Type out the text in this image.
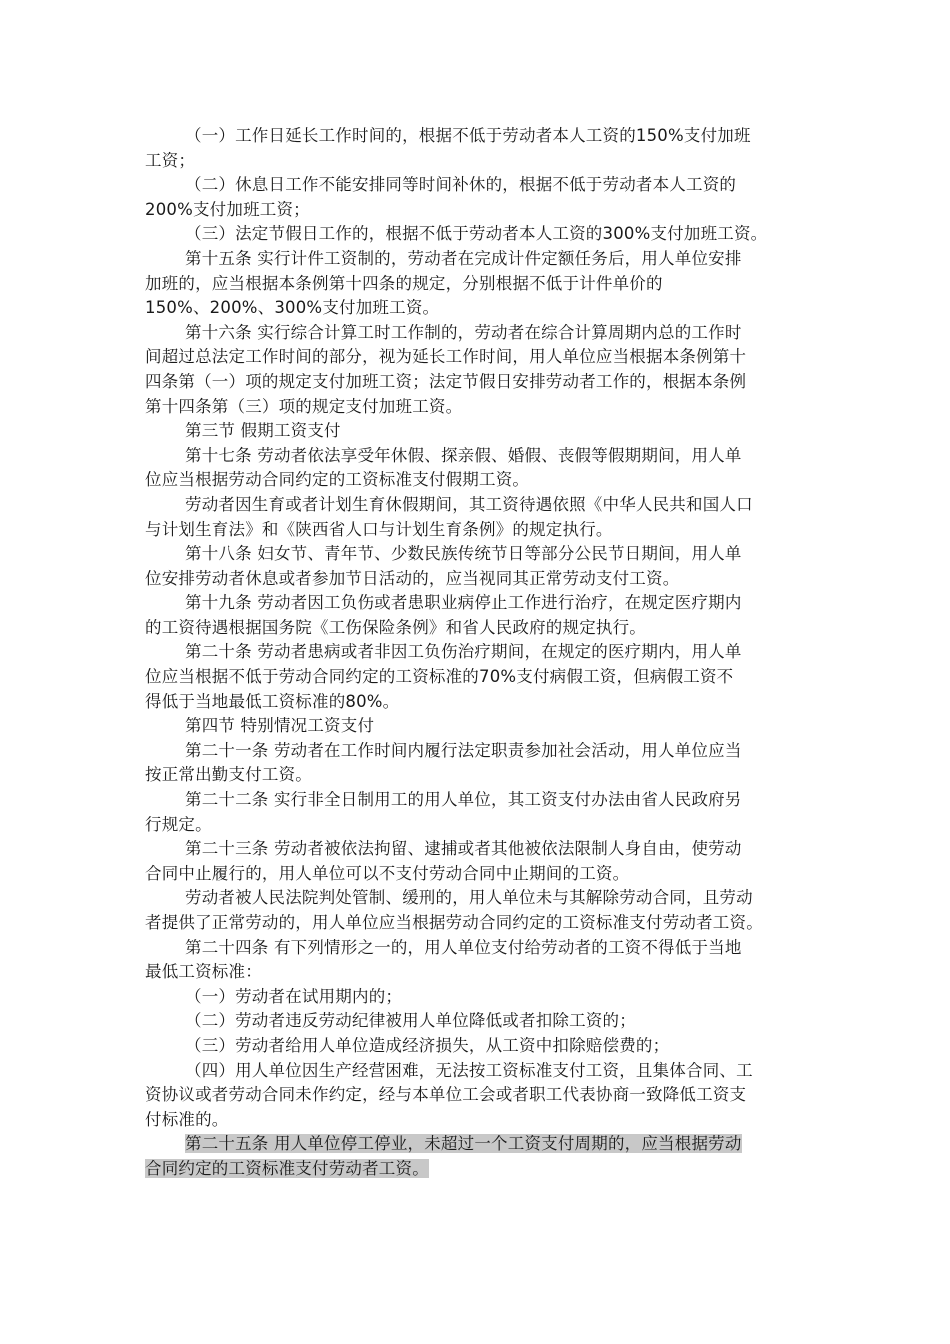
（一）工作日延长工作时间的，根据不低于劳动者本人工资的150%支付加班
工资；
（二）休息日工作不能安排同等时间补休的，根据不低于劳动者本人工资的
200%支付加班工资；
（三）法定节假日工作的，根据不低于劳动者本人工资的300%支付加班工资。
第十五条 实行计件工资制的，劳动者在完成计件定额任务后，用人单位安排
加班的，应当根据本条例第十四条的规定，分别根据不低于计件单价的
150%、200%、300%支付加班工资。
第十六条 实行综合计算工时工作制的，劳动者在综合计算周期内总的工作时
间超过总法定工作时间的部分，视为延长工作时间，用人单位应当根据本条例第十
四条第（一）项的规定支付加班工资；法定节假日安排劳动者工作的，根据本条例
第十四条第（三）项的规定支付加班工资。
第三节 假期工资支付
第十七条 劳动者依法享受年休假、探亲假、婚假、丧假等假期期间，用人单
位应当根据劳动合同约定的工资标准支付假期工资。
劳动者因生育或者计划生育休假期间，其工资待遇依照《中华人民共和国人口
与计划生育法》和《陕西省人口与计划生育条例》的规定执行。
第十八条 妇女节、青年节、少数民族传统节日等部分公民节日期间，用人单
位安排劳动者休息或者参加节日活动的，应当视同其正常劳动支付工资。
第十九条 劳动者因工负伤或者患职业病停止工作进行治疗，在规定医疗期内
的工资待遇根据国务院《工伤保险条例》和省人民政府的规定执行。
第二十条 劳动者患病或者非因工负伤治疗期间，在规定的医疗期内，用人单
位应当根据不低于劳动合同约定的工资标准的70%支付病假工资，但病假工资不
得低于当地最低工资标准的80%。
第四节 特别情况工资支付
第二十一条 劳动者在工作时间内履行法定职责参加社会活动，用人单位应当
按正常出勤支付工资。
第二十二条 实行非全日制用工的用人单位，其工资支付办法由省人民政府另
行规定。
第二十三条 劳动者被依法拘留、逮捕或者其他被依法限制人身自由，使劳动
合同中止履行的，用人单位可以不支付劳动合同中止期间的工资。
劳动者被人民法院判处管制、缓刑的，用人单位未与其解除劳动合同，且劳动
者提供了正常劳动的，用人单位应当根据劳动合同约定的工资标准支付劳动者工资。
第二十四条 有下列情形之一的，用人单位支付给劳动者的工资不得低于当地
最低工资标准：
（一）劳动者在试用期内的；
（二）劳动者违反劳动纪律被用人单位降低或者扣除工资的；
（三）劳动者给用人单位造成经济损失，从工资中扣除赔偿费的；
（四）用人单位因生产经营困难，无法按工资标准支付工资，且集体合同、工
资协议或者劳动合同未作约定，经与本单位工会或者职工代表协商一致降低工资支
付标准的。
第二十五条 用人单位停工停业，未超过一个工资支付周期的，应当根据劳动
合同约定的工资标准支付劳动者工资。
